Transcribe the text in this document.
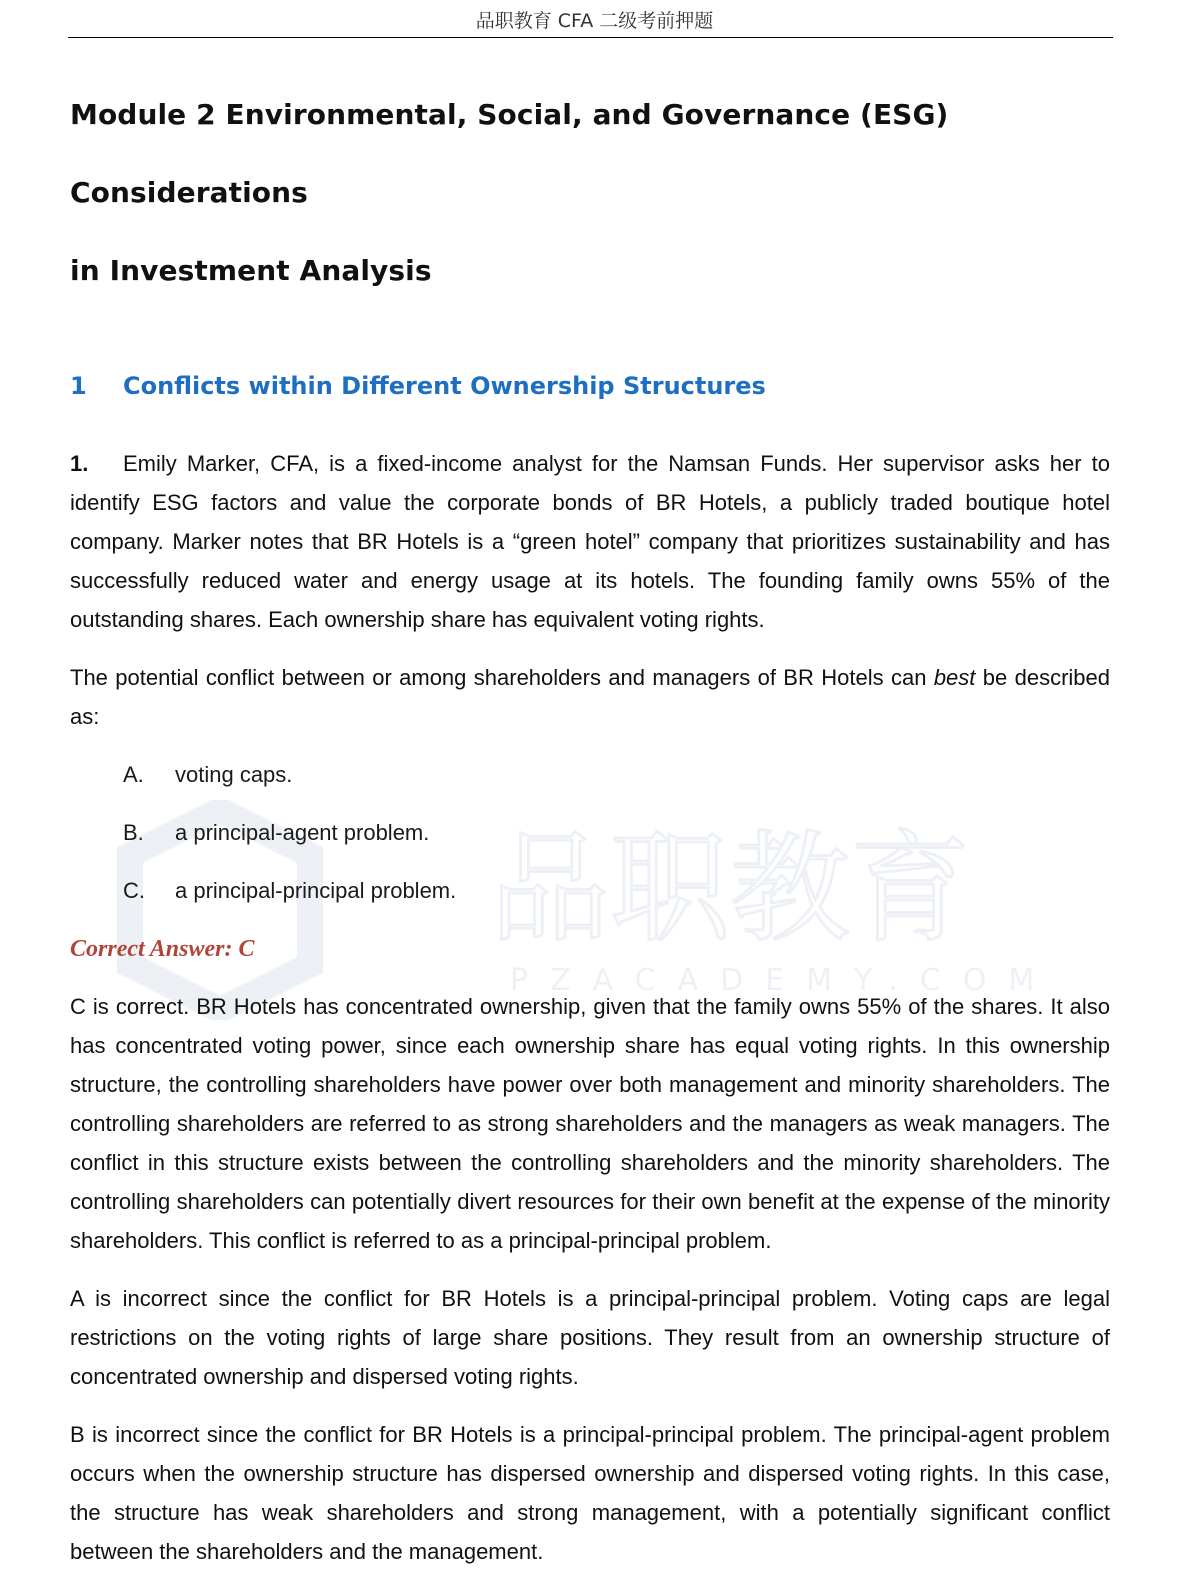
品职教育
PZACADEMY.COM
品职教育 CFA 二级考前押题
Module 2 Environmental, Social, and Governance (ESG) Considerations
in Investment Analysis
1	Conflicts within Different Ownership Structures

1. Emily Marker, CFA, is a fixed-income analyst for the Namsan Funds. Her supervisor asks her to identify ESG factors and value the corporate bonds of BR Hotels, a publicly traded boutique hotel company. Marker notes that BR Hotels is a “green hotel” company that prioritizes sustainability and has successfully reduced water and energy usage at its hotels. The founding family owns 55% of the outstanding shares. Each ownership share has equivalent voting rights.

The potential conflict between or among shareholders and managers of BR Hotels can best be described as:

A.	voting caps.
B.	a principal-agent problem.
C.	a principal-principal problem.

Correct Answer: C

C is correct. BR Hotels has concentrated ownership, given that the family owns 55% of the shares. It also has concentrated voting power, since each ownership share has equal voting rights. In this ownership structure, the controlling shareholders have power over both management and minority shareholders. The controlling shareholders are referred to as strong shareholders and the managers as weak managers. The conflict in this structure exists between the controlling shareholders and the minority shareholders. The controlling shareholders can potentially divert resources for their own benefit at the expense of the minority shareholders. This conflict is referred to as a principal-principal problem.

A is incorrect since the conflict for BR Hotels is a principal-principal problem. Voting caps are legal restrictions on the voting rights of large share positions. They result from an ownership structure of concentrated ownership and dispersed voting rights.

B is incorrect since the conflict for BR Hotels is a principal-principal problem. The principal-agent problem occurs when the ownership structure has dispersed ownership and dispersed voting rights. In this case, the structure has weak shareholders and strong management, with a potentially significant conflict between the shareholders and the management.
